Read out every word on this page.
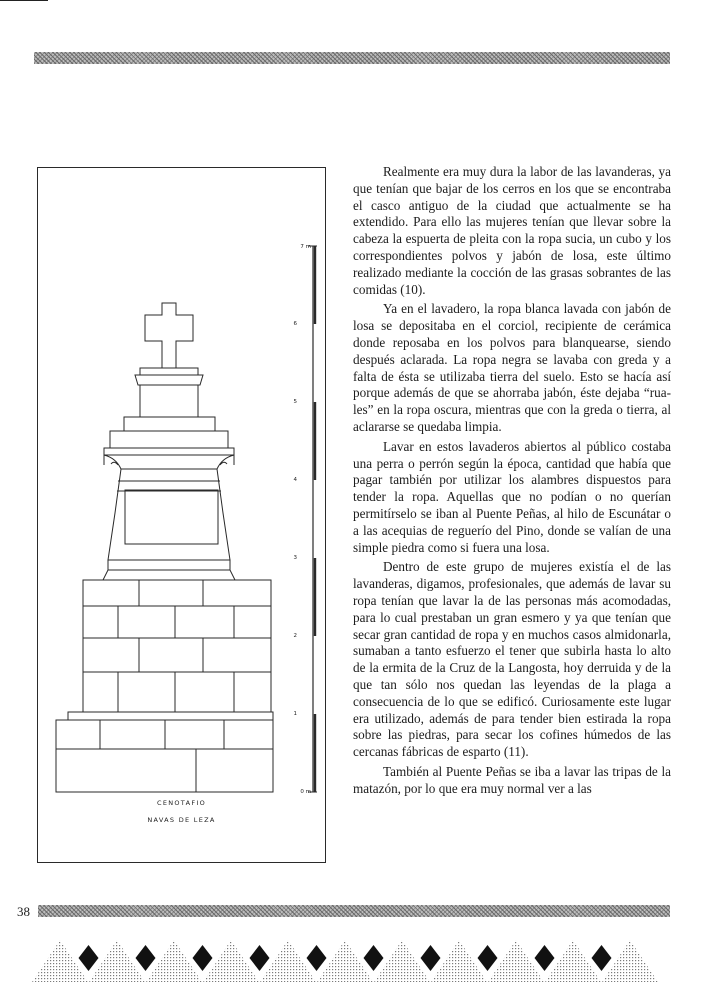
7 m
6
5
4
3
2
1
0 m
CENOTAFIO
NAVAS DE LEZA

Realmente era muy dura la labor de las lavanderas, ya que tenían que bajar de los cerros en los que se encontraba el casco antiguo de la ciudad que actualmente se ha extendido. Para ello las mujeres tenían que llevar sobre la cabeza la espuerta de pleita con la ropa sucia, un cubo y los correspondientes polvos y jabón de losa, este último realizado mediante la cocción de las grasas sobrantes de las comidas (10).

Ya en el lavadero, la ropa blanca lavada con jabón de losa se depositaba en el corciol, recipiente de cerámica donde reposaba en los polvos para blanquearse, siendo después aclarada. La ropa negra se lavaba con greda y a falta de ésta se utilizaba tierra del suelo. Esto se hacía así porque además de que se ahorraba jabón, éste dejaba “rua-les” en la ropa oscura, mientras que con la greda o tierra, al aclararse se quedaba limpia.

Lavar en estos lavaderos abiertos al público costaba una perra o perrón según la época, cantidad que había que pagar también por utilizar los alambres dispuestos para tender la ropa. Aquellas que no podían o no querían permitírselo se iban al Puente Peñas, al hilo de Escunátar o a las acequias de reguerío del Pino, donde se valían de una simple piedra como si fuera una losa.

Dentro de este grupo de mujeres existía el de las lavanderas, digamos, profesionales, que además de lavar su ropa tenían que lavar la de las personas más acomodadas, para lo cual prestaban un gran esmero y ya que tenían que secar gran cantidad de ropa y en muchos casos almidonarla, sumaban a tanto esfuerzo el tener que subirla hasta lo alto de la ermita de la Cruz de la Langosta, hoy derruida y de la que tan sólo nos quedan las leyendas de la plaga a consecuencia de lo que se edificó. Curiosamente este lugar era utilizado, además de para tender bien estirada la ropa sobre las piedras, para secar los cofines húmedos de las cercanas fábricas de esparto (11).

También al Puente Peñas se iba a lavar las tripas de la matazón, por lo que era muy normal ver a las

38
